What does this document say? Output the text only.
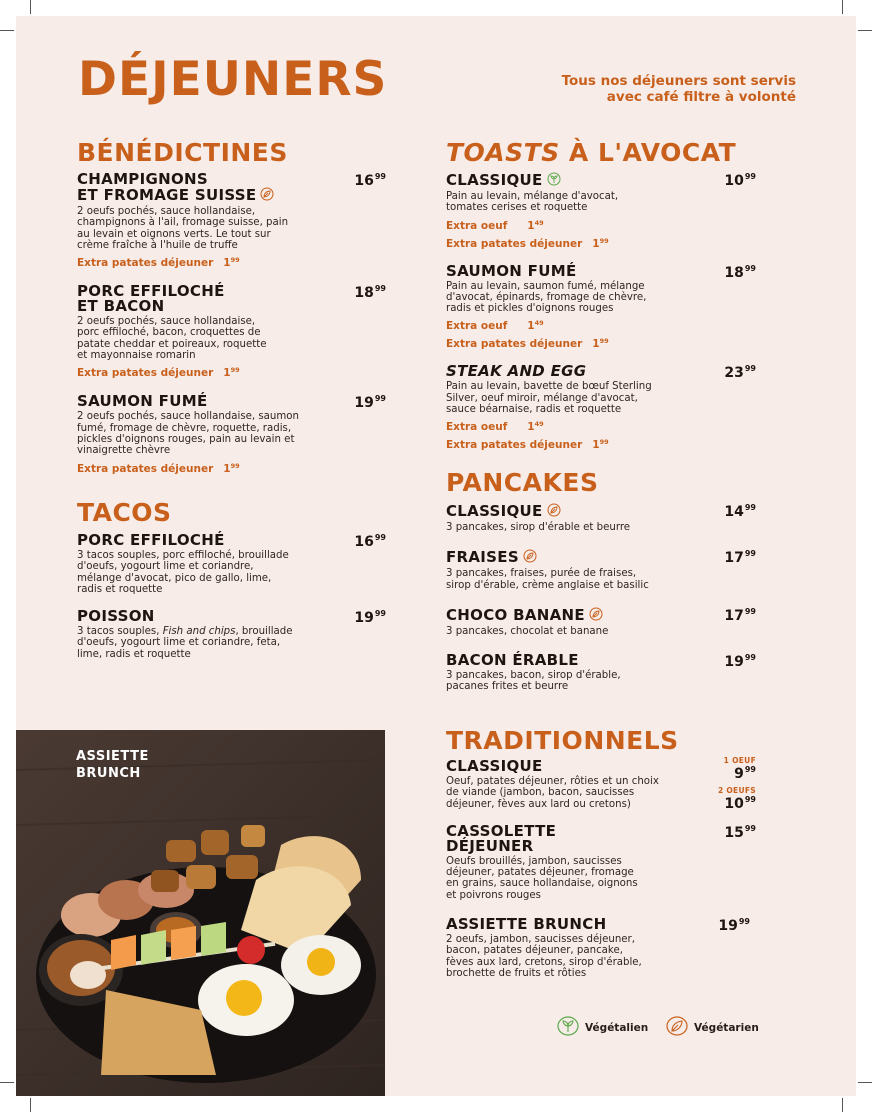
DÉJEUNERS	Tous nos déjeuners sont servis
avec café filtre à volonté
BÉNÉDICTINES
CHAMPIGNONS
ET FROMAGE SUISSE
$16^{99}$
2 oeufs pochés, sauce hollandaise, champignons à l'ail, fromage suisse, pain au levain et oignons verts. Le tout sur crème fraîche à l'huile de truffe
Extra patates déjeuner $1^{99}$
PORC EFFILOCHÉ
ET BACON
$18^{99}$
2 oeufs pochés, sauce hollandaise, porc effiloché, bacon, croquettes de patate cheddar et poireaux, roquette et mayonnaise romarin
Extra patates déjeuner $1^{99}$
SAUMON FUMÉ	$19^{99}$
2 oeufs pochés, sauce hollandaise, saumon fumé, fromage de chèvre, roquette, radis, pickles d'oignons rouges, pain au levain et vinaigrette chèvre
Extra patates déjeuner $1^{99}$
TACOS
PORC EFFILOCHÉ	$16^{99}$
3 tacos souples, porc effiloché, brouillade d'oeufs, yogourt lime et coriandre, mélange d'avocat, pico de gallo, lime, radis et roquette
POISSON	$19^{99}$
3 tacos souples, Fish and chips, brouillade d'oeufs, yogourt lime et coriandre, feta, lime, radis et roquette
ASSIETTE
BRUNCH
TOASTS À L'AVOCAT
CLASSIQUE	$10^{99}$
Pain au levain, mélange d'avocat, tomates cerises et roquette
Extra oeuf $1^{49}$
Extra patates déjeuner $1^{99}$
SAUMON FUMÉ	$18^{99}$
Pain au levain, saumon fumé, mélange d'avocat, épinards, fromage de chèvre, radis et pickles d'oignons rouges
Extra oeuf $1^{49}$
Extra patates déjeuner $1^{99}$
STEAK AND EGG	$23^{99}$
Pain au levain, bavette de bœuf Sterling Silver, oeuf miroir, mélange d'avocat, sauce béarnaise, radis et roquette
Extra oeuf $1^{49}$
Extra patates déjeuner $1^{99}$
PANCAKES
CLASSIQUE	$14^{99}$
3 pancakes, sirop d'érable et beurre
FRAISES	$17^{99}$
3 pancakes, fraises, purée de fraises, sirop d'érable, crème anglaise et basilic
CHOCO BANANE	$17^{99}$
3 pancakes, chocolat et banane
BACON ÉRABLE	$19^{99}$
3 pancakes, bacon, sirop d'érable, pacanes frites et beurre
TRADITIONNELS
CLASSIQUE	1 OEUF
$9^{99}$
2 OEUFS
$10^{99}$
Oeuf, patates déjeuner, rôties et un choix de viande (jambon, bacon, saucisses déjeuner, fèves aux lard ou cretons)
CASSOLETTE
DÉJEUNER
$15^{99}$
Oeufs brouillés, jambon, saucisses déjeuner, patates déjeuner, fromage en grains, sauce hollandaise, oignons et poivrons rouges
ASSIETTE BRUNCH	$19^{99}$
2 oeufs, jambon, saucisses déjeuner, bacon, patates déjeuner, pancake, fèves aux lard, cretons, sirop d'érable, brochette de fruits et rôties
Végétalien	Végétarien
